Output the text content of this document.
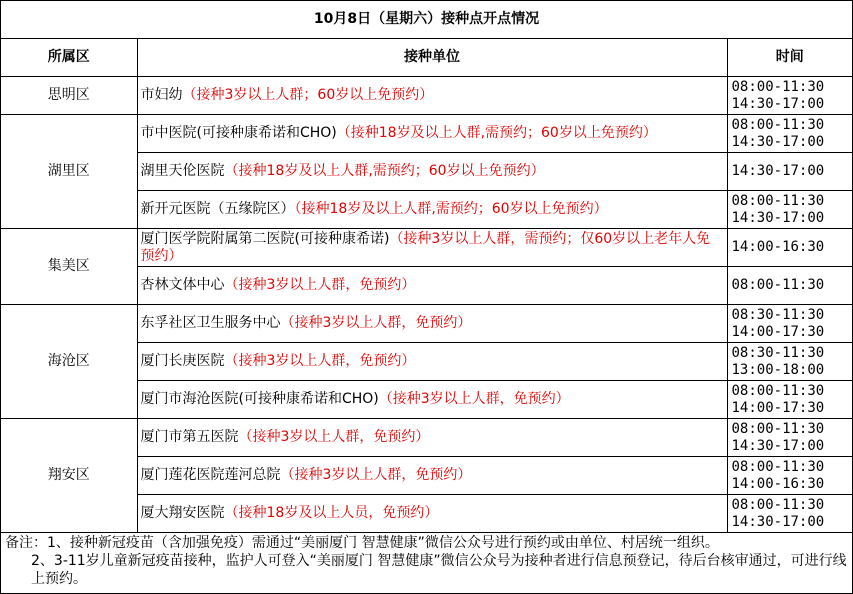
10月8日（星期六）接种点开点情况		
所属区	接种单位	时间
思明区	市妇幼（接种3岁以上人群；60岁以上免预约）	08:00-11:30
14:30-17:00

湖里区	市中医院(可接种康希诺和CHO)（接种18岁及以上人群,需预约；60岁以上免预约）	08:00-11:30
14:30-17:00

	湖里天伦医院（接种18岁及以上人群,需预约；60岁以上免预约）	14:30-17:00

	新开元医院（五缘院区）（接种18岁及以上人群,需预约；60岁以上免预约）	08:00-11:30
14:30-17:00

集美区	厦门医学院附属第二医院(可接种康希诺)（接种3岁以上人群，需预约；仅60岁以上老年人免预约）	14:00-16:30

	杏林文体中心（接种3岁以上人群，免预约）	08:00-11:30

海沧区	东孚社区卫生服务中心（接种3岁以上人群，免预约）	08:30-11:30
14:00-17:30

	厦门长庚医院（接种3岁以上人群，免预约）	08:30-11:30
13:00-18:00

	厦门市海沧医院(可接种康希诺和CHO)（接种3岁以上人群，免预约）	08:00-11:30
14:00-17:30

翔安区	厦门市第五医院（接种3岁以上人群，免预约）	08:00-11:30
14:30-17:00

	厦门莲花医院莲河总院（接种3岁以上人群，免预约）	08:00-11:30
14:00-16:30

	厦大翔安医院（接种18岁及以上人员，免预约）	08:00-11:30
14:30-17:00

备注：1、接种新冠疫苗（含加强免疫）需通过“美丽厦门 智慧健康”微信公众号进行预约或由单位、村居统一组织。

2、3-11岁儿童新冠疫苗接种，监护人可登入“美丽厦门 智慧健康”微信公众号为接种者进行信息预登记，待后台核审通过，可进行线上预约。
